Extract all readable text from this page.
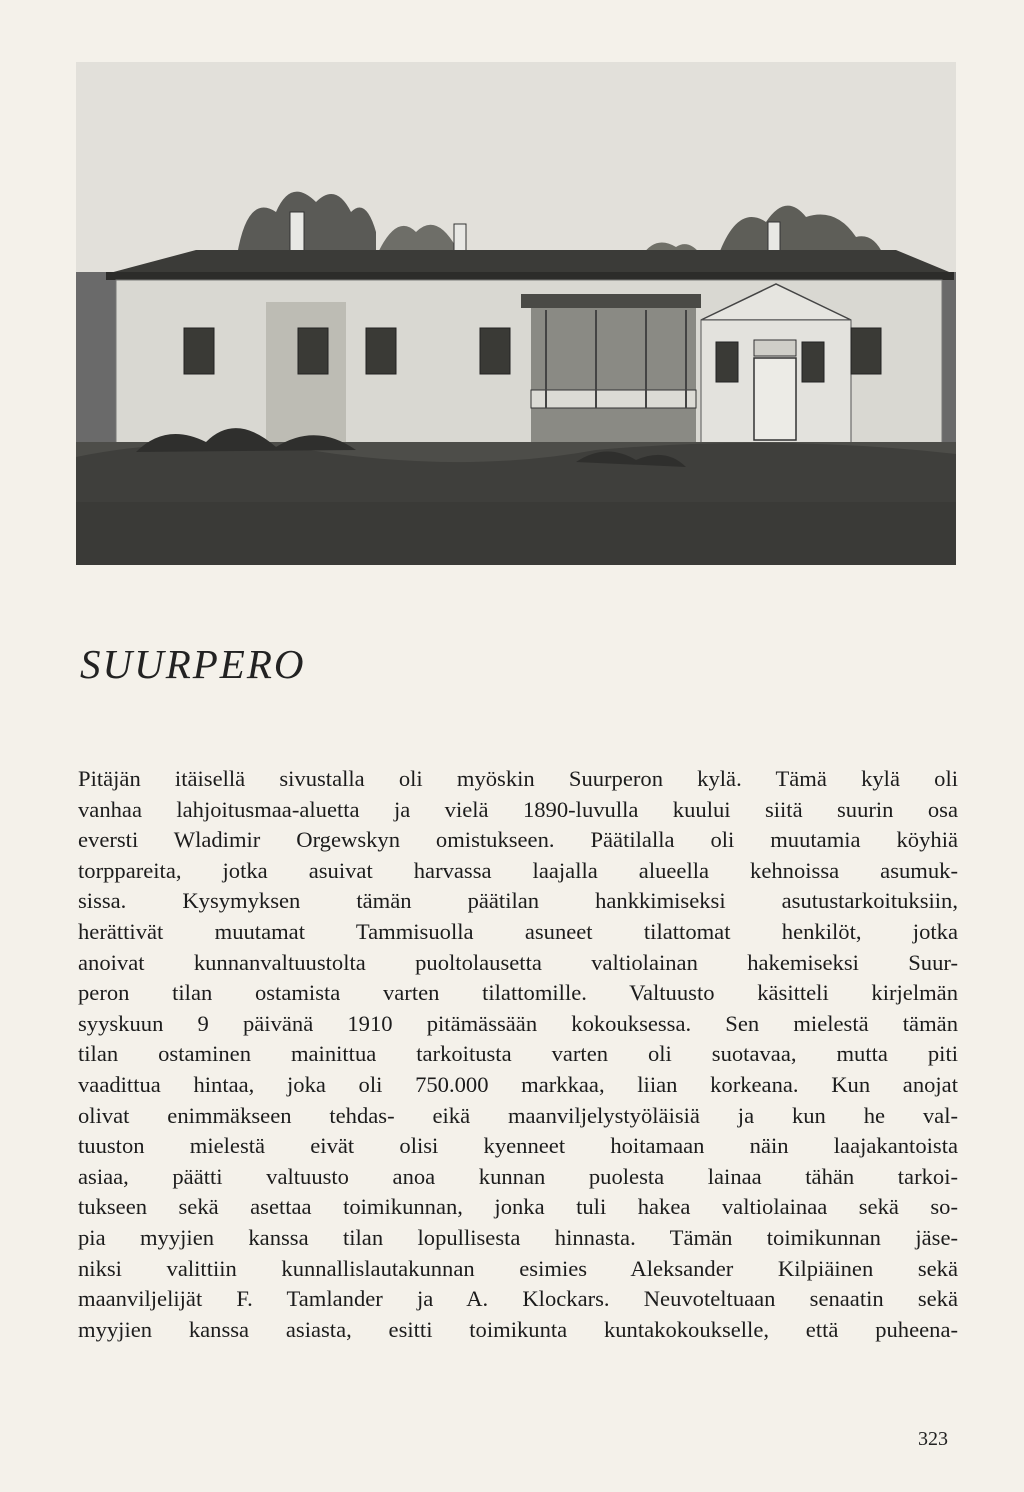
SUURPERO
Pitäjän itäisellä sivustalla oli myöskin Suurperon kylä. Tämä kylä oli
vanhaa lahjoitusmaa-aluetta ja vielä 1890-luvulla kuului siitä suurin osa
eversti Wladimir Orgewskyn omistukseen. Päätilalla oli muutamia köyhiä
torppareita, jotka asuivat harvassa laajalla alueella kehnoissa asumuk-
sissa. Kysymyksen tämän päätilan hankkimiseksi asutustarkoituksiin,
herättivät muutamat Tammisuolla asuneet tilattomat henkilöt, jotka
anoivat kunnanvaltuustolta puoltolausetta valtiolainan hakemiseksi Suur-
peron tilan ostamista varten tilattomille. Valtuusto käsitteli kirjelmän
syyskuun 9 päivänä 1910 pitämässään kokouksessa. Sen mielestä tämän
tilan ostaminen mainittua tarkoitusta varten oli suotavaa, mutta piti
vaadittua hintaa, joka oli 750.000 markkaa, liian korkeana. Kun anojat
olivat enimmäkseen tehdas- eikä maanviljelystyöläisiä ja kun he val-
tuuston mielestä eivät olisi kyenneet hoitamaan näin laajakantoista
asiaa, päätti valtuusto anoa kunnan puolesta lainaa tähän tarkoi-
tukseen sekä asettaa toimikunnan, jonka tuli hakea valtiolainaa sekä so-
pia myyjien kanssa tilan lopullisesta hinnasta. Tämän toimikunnan jäse-
niksi valittiin kunnallislautakunnan esimies Aleksander Kilpiäinen sekä
maanviljelijät F. Tamlander ja A. Klockars. Neuvoteltuaan senaatin sekä
myyjien kanssa asiasta, esitti toimikunta kuntakokoukselle, että puheena-
323
